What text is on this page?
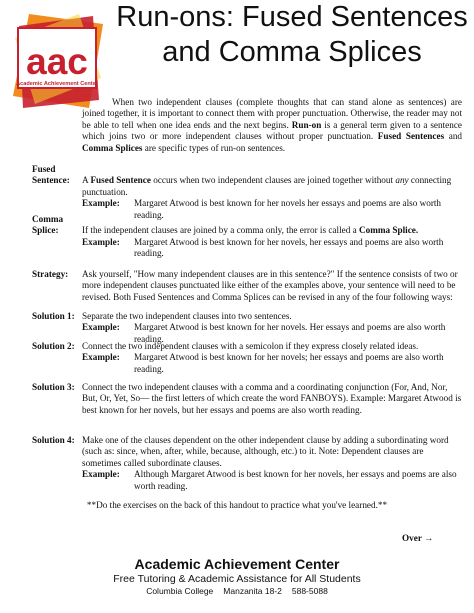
aac
Academic Achievement Center
Run-ons: Fused Sentences
and Comma Splices

When two independent clauses (complete thoughts that can stand alone as sentences) are joined together, it is important to connect them with proper punctuation. Otherwise, the reader may not be able to tell when one idea ends and the next begins. Run-on is a general term given to a sentence which joins two or more independent clauses without proper punctuation. Fused Sentences and Comma Splices are specific types of run-on sentences.

Fused
Sentence:	A Fused Sentence occurs when two independent clauses are joined together without any connecting punctuation.
Example:	Margaret Atwood is best known for her novels her essays and poems are also worth reading.
Comma
Splice:	If the independent clauses are joined by a comma only, the error is called a Comma Splice.
Example:	Margaret Atwood is best known for her novels, her essays and poems are also worth reading.
Strategy:	Ask yourself, "How many independent clauses are in this sentence?" If the sentence consists of two or more independent clauses punctuated like either of the examples above, your sentence will need to be revised. Both Fused Sentences and Comma Splices can be revised in any of the four following ways:
Solution 1: Separate the two independent clauses into two sentences.
Example:	Margaret Atwood is best known for her novels. Her essays and poems are also worth reading.
Solution 2: Connect the two independent clauses with a semicolon if they express closely related ideas.
Example:	Margaret Atwood is best known for her novels; her essays and poems are also worth reading.
Solution 3: Connect the two independent clauses with a comma and a coordinating conjunction (For, And, Nor, But, Or, Yet, So— the first letters of which create the word FANBOYS). Example: Margaret Atwood is best known for her novels, but her essays and poems are also worth reading.
Solution 4: Make one of the clauses dependent on the other independent clause by adding a subordinating word (such as: since, when, after, while, because, although, etc.) to it. Note: Dependent clauses are sometimes called subordinate clauses.
Example:	Although Margaret Atwood is best known for her novels, her essays and poems are also worth reading.
**Do the exercises on the back of this handout to practice what you've learned.**
Over →
Academic Achievement Center
Free Tutoring & Academic Assistance for All Students
Columbia College Manzanita 18-2 588-5088
